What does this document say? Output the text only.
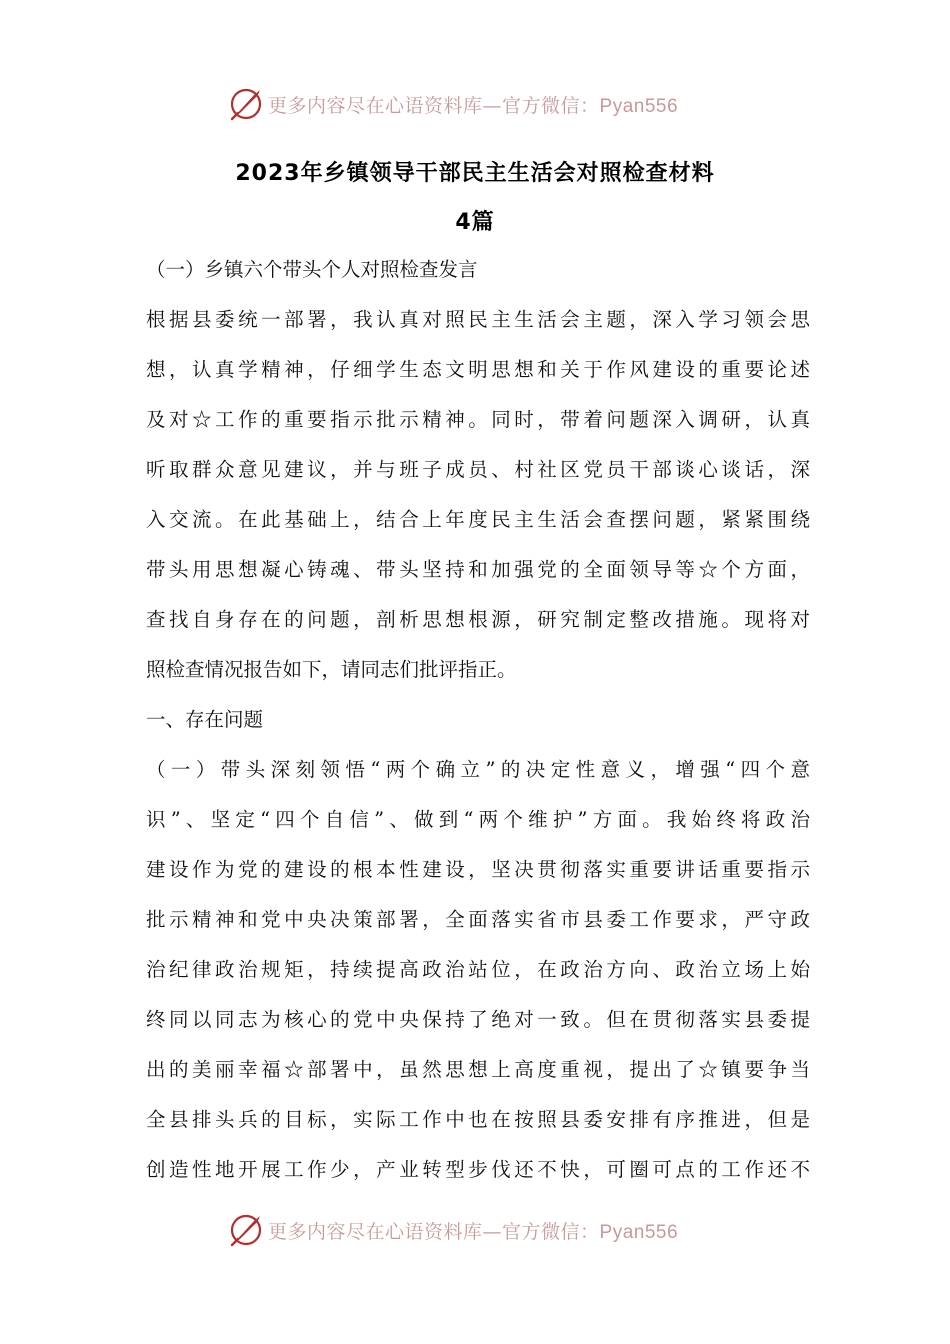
更多内容尽在心语资料库—官方微信：Pyan556
2023年乡镇领导干部民主生活会对照检查材料
4篇
（一）乡镇六个带头个人对照检查发言
根据县委统一部署，我认真对照民主生活会主题，深入学习领会思
想，认真学精神，仔细学生态文明思想和关于作风建设的重要论述
及对☆工作的重要指示批示精神。同时，带着问题深入调研，认真
听取群众意见建议，并与班子成员、村社区党员干部谈心谈话，深
入交流。在此基础上，结合上年度民主生活会查摆问题，紧紧围绕
带头用思想凝心铸魂、带头坚持和加强党的全面领导等☆个方面，
查找自身存在的问题，剖析思想根源，研究制定整改措施。现将对
照检查情况报告如下，请同志们批评指正。
一、存在问题
（一）带头深刻领悟“两个确立”的决定性意义，增强“四个意
识”、坚定“四个自信”、做到“两个维护”方面。我始终将政治
建设作为党的建设的根本性建设，坚决贯彻落实重要讲话重要指示
批示精神和党中央决策部署，全面落实省市县委工作要求，严守政
治纪律政治规矩，持续提高政治站位，在政治方向、政治立场上始
终同以同志为核心的党中央保持了绝对一致。但在贯彻落实县委提
出的美丽幸福☆部署中，虽然思想上高度重视，提出了☆镇要争当
全县排头兵的目标，实际工作中也在按照县委安排有序推进，但是
创造性地开展工作少，产业转型步伐还不快，可圈可点的工作还不
更多内容尽在心语资料库—官方微信：Pyan556
